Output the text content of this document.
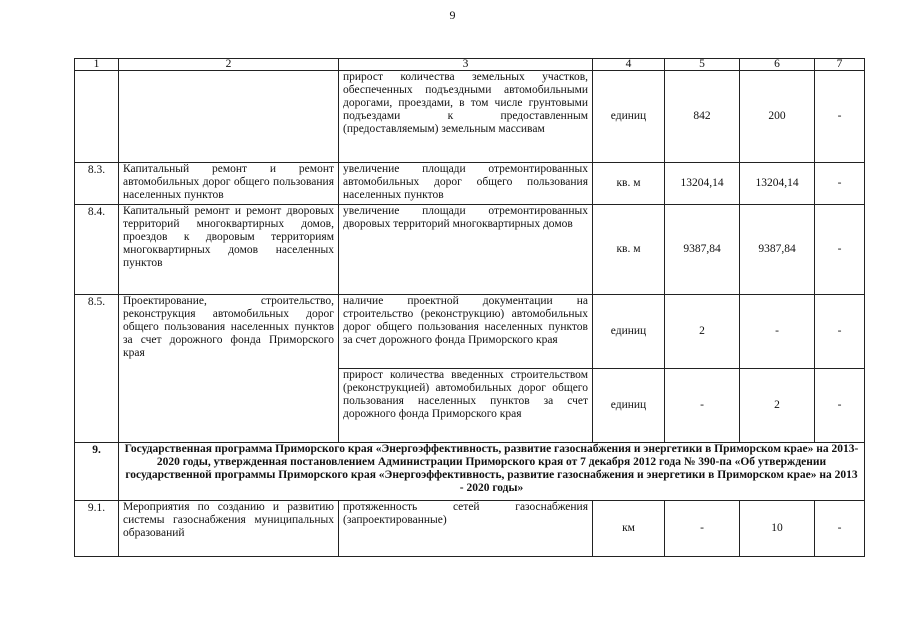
9
1	2	3	4	5	6	7
		прирост количества земельных участков, обеспеченных подъездными автомобильными дорогами, проездами, в том числе грунтовыми подъездами к предоставленным (предоставляемым) земельным массивам	единиц	842	200	-
8.3.	Капитальный ремонт и ремонт автомобильных дорог общего пользования населенных пунктов	увеличение площади отремонтированных автомобильных дорог общего пользования населенных пунктов	кв. м	13204,14	13204,14	-
8.4.	Капитальный ремонт и ремонт дворовых территорий многоквартирных домов, проездов к дворовым территориям многоквартирных домов населенных пунктов	увеличение площади отремонтированных дворовых территорий многоквартирных домов	кв. м	9387,84	9387,84	-
8.5.	Проектирование, строительство, реконструкция автомобильных дорог общего пользования населенных пунктов за счет дорожного фонда Приморского края	наличие проектной документации на строительство (реконструкцию) автомобильных дорог общего пользования населенных пунктов за счет дорожного фонда Приморского края	единиц	2	-	-
		прирост количества введенных строительством (реконструкцией) автомобильных дорог общего пользования населенных пунктов за счет дорожного фонда Приморского края	единиц	-	2	-
9.	Государственная программа Приморского края «Энергоэффективность, развитие газоснабжения и энергетики в Приморском крае» на 2013-2020 годы, утвержденная постановлением Администрации Приморского края от 7 декабря 2012 года № 390-па «Об утверждении государственной программы Приморского края «Энергоэффективность, развитие газоснабжения и энергетики в Приморском крае» на 2013 - 2020 годы»					
9.1.	Мероприятия по созданию и развитию системы газоснабжения муниципальных образований	протяженность сетей газоснабжения (запроектированные)	км	-	10	-
